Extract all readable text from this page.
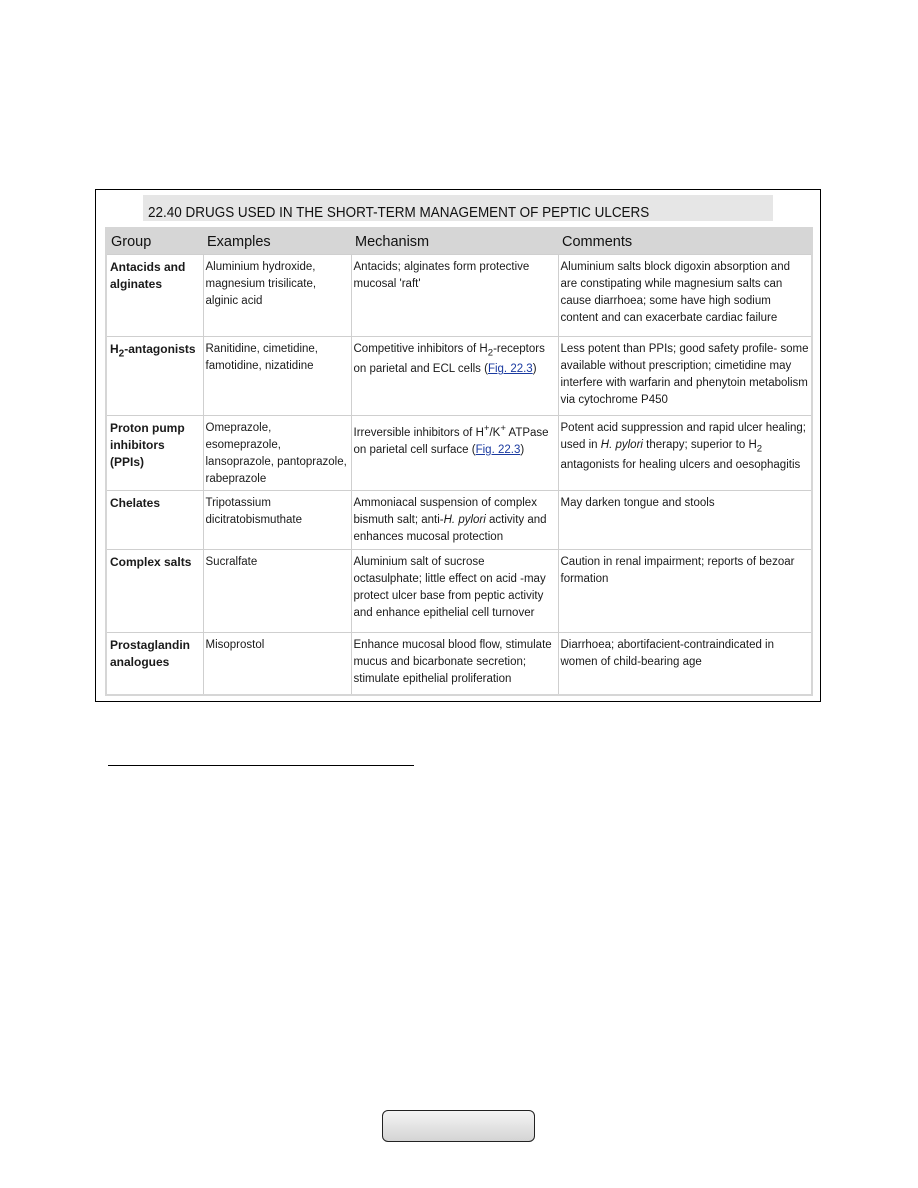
22.40 DRUGS USED IN THE SHORT-TERM MANAGEMENT OF PEPTIC ULCERS
Group	Examples	Mechanism	Comments
Antacids and alginates	Aluminium hydroxide, magnesium trisilicate, alginic acid	Antacids; alginates form protective mucosal 'raft'	Aluminium salts block digoxin absorption and are constipating while magnesium salts can cause diarrhoea; some have high sodium content and can exacerbate cardiac failure
$H_2$-antagonists	Ranitidine, cimetidine, famotidine, nizatidine	Competitive inhibitors of $H_2$-receptors on parietal and ECL cells (Fig. 22.3)	Less potent than PPIs; good safety profile- some available without prescription; cimetidine may interfere with warfarin and phenytoin metabolism via cytochrome P450
Proton pump inhibitors (PPIs)	Omeprazole, esomeprazole, lansoprazole, pantoprazole, rabeprazole	Irreversible inhibitors of H+/K+ ATPase on parietal cell surface (Fig. 22.3)	Potent acid suppression and rapid ulcer healing; used in H. pylori therapy; superior to $H_2$ antagonists for healing ulcers and oesophagitis
Chelates	Tripotassium dicitratobismuthate	Ammoniacal suspension of complex bismuth salt; anti-H. pylori activity and enhances mucosal protection	May darken tongue and stools
Complex salts	Sucralfate	Aluminium salt of sucrose octasulphate; little effect on acid -may protect ulcer base from peptic activity and enhance epithelial cell turnover	Caution in renal impairment; reports of bezoar formation
Prostaglandin analogues	Misoprostol	Enhance mucosal blood flow, stimulate mucus and bicarbonate secretion; stimulate epithelial proliferation	Diarrhoea; abortifacient-contraindicated in women of child-bearing age
